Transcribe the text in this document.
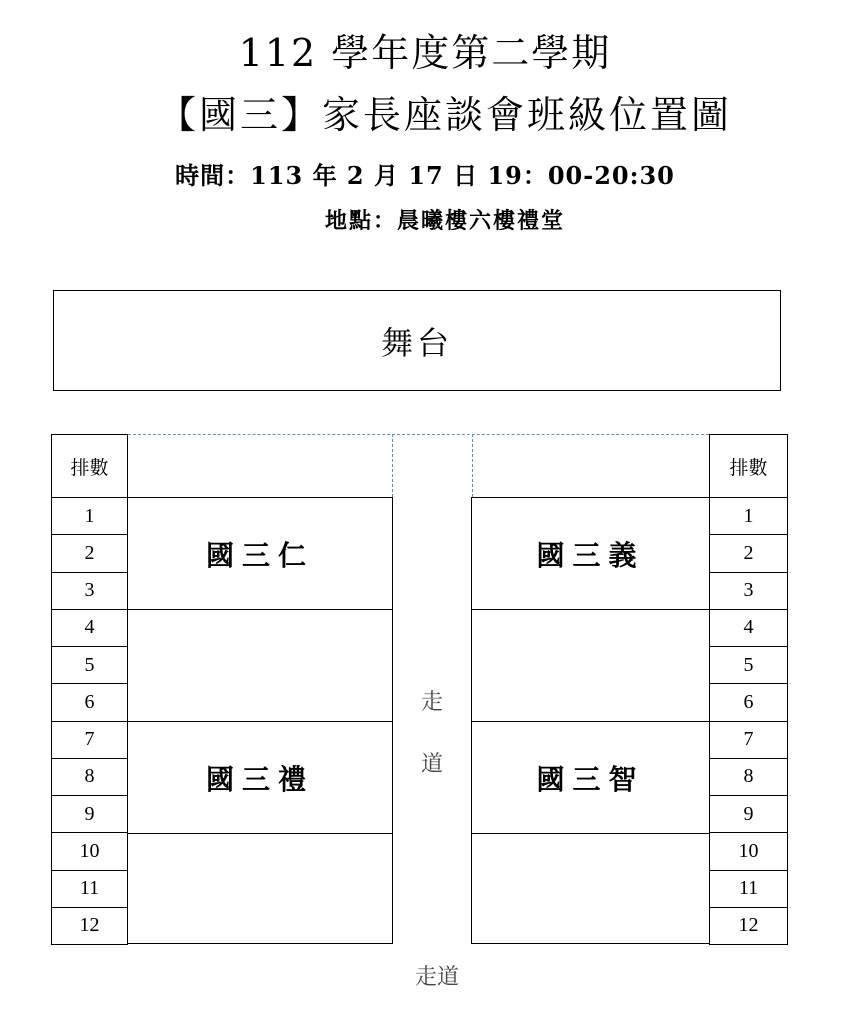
112 學年度第二學期
【國三】家長座談會班級位置圖
時間：113 年 2 月 17 日 19：00-20:30
地點：晨曦樓六樓禮堂
舞台
排數	排數
1
2
3
4
5
6
7
8
9
10
11
12
1
2
3
4
5
6
7
8
9
10
11
12
國三仁
國三禮
國三義
國三智
走
道
走道
